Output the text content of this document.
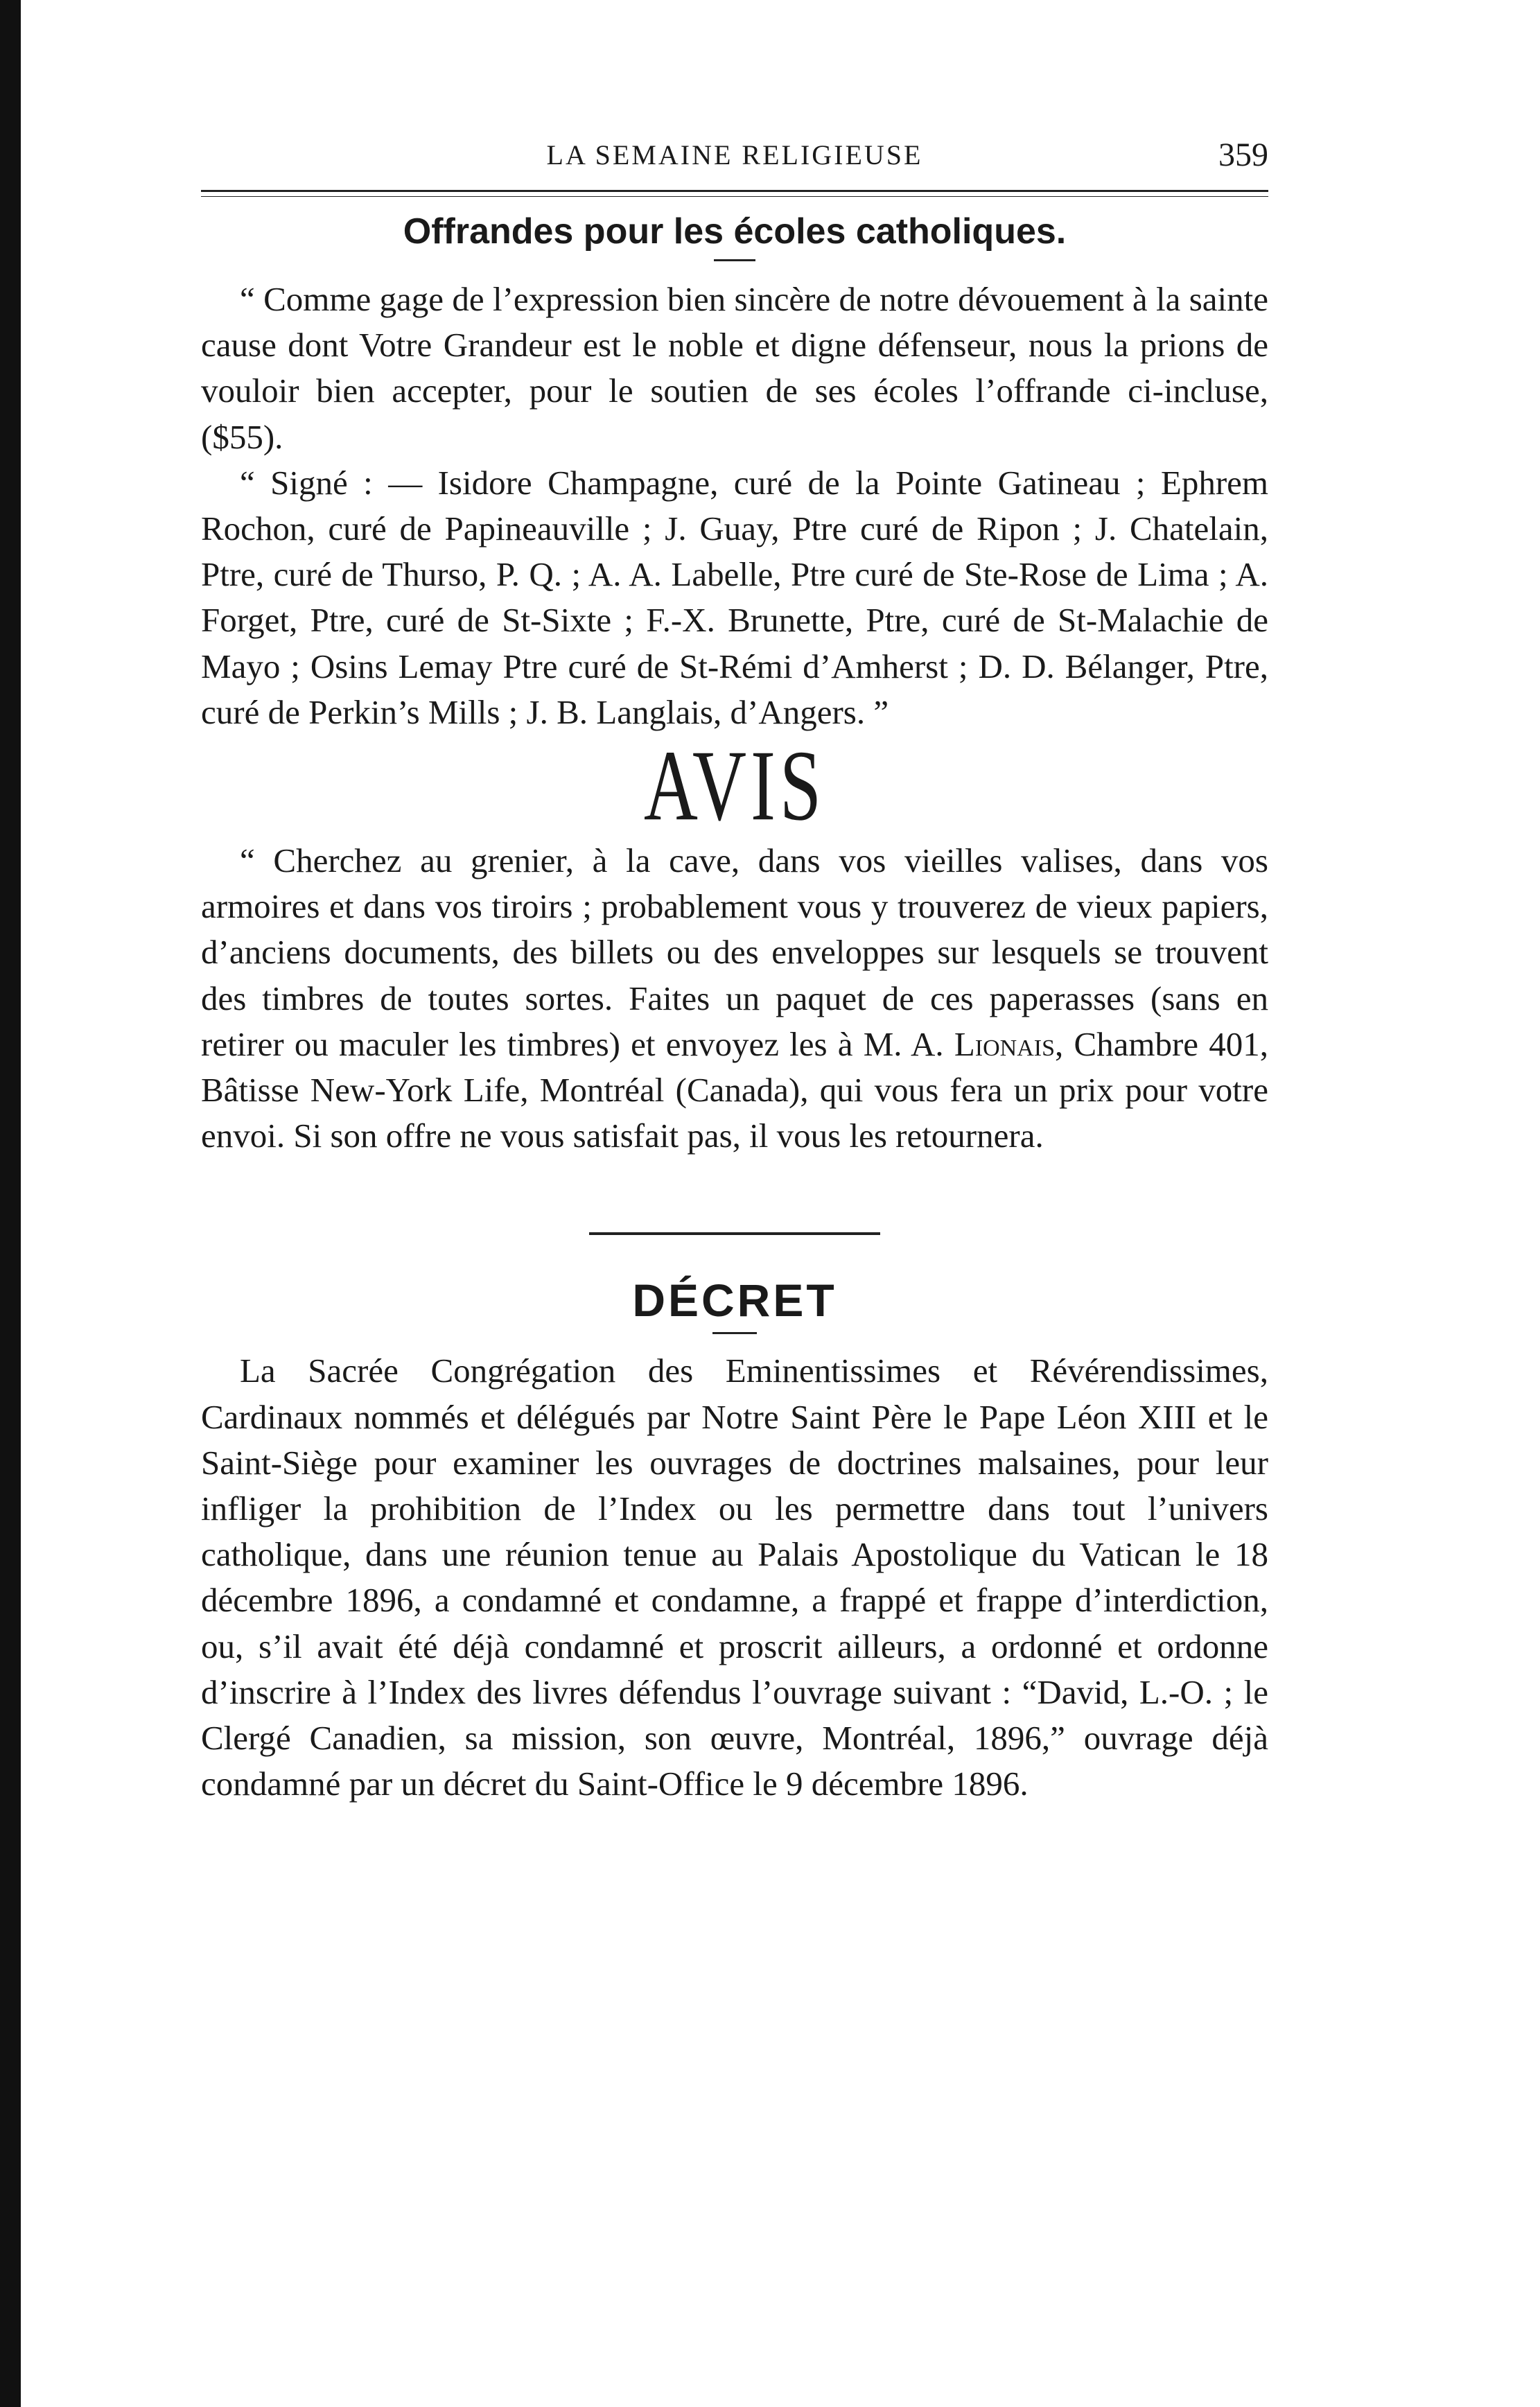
LA SEMAINE RELIGIEUSE	359
Offrandes pour les écoles catholiques.

“ Comme gage de l’expression bien sincère de notre dévouement à la sainte cause dont Votre Grandeur est le noble et digne défenseur, nous la prions de vouloir bien accepter, pour le soutien de ses écoles l’offrande ci-incluse, ($55).

“ Signé : — Isidore Champagne, curé de la Pointe Gatineau ; Ephrem Rochon, curé de Papineauville ; J. Guay, Ptre curé de Ripon ; J. Chatelain, Ptre, curé de Thurso, P. Q. ; A. A. Labelle, Ptre curé de Ste-Rose de Lima ; A. Forget, Ptre, curé de St-Sixte ; F.-X. Brunette, Ptre, curé de St-Malachie de Mayo ; Osins Lemay Ptre curé de St-Rémi d’Amherst ; D. D. Bélanger, Ptre, curé de Perkin’s Mills ; J. B. Langlais, d’Angers. ”

AVIS

“ Cherchez au grenier, à la cave, dans vos vieilles valises, dans vos armoires et dans vos tiroirs ; probablement vous y trouverez de vieux papiers, d’anciens documents, des billets ou des enveloppes sur lesquels se trouvent des timbres de toutes sortes. Faites un paquet de ces paperasses (sans en retirer ou maculer les timbres) et envoyez les à M. A. Lionais, Chambre 401, Bâtisse New-York Life, Montréal (Canada), qui vous fera un prix pour votre envoi. Si son offre ne vous satisfait pas, il vous les retournera.

DÉCRET

La Sacrée Congrégation des Eminentissimes et Révérendissimes, Cardinaux nommés et délégués par Notre Saint Père le Pape Léon XIII et le Saint-Siège pour examiner les ouvrages de doctrines malsaines, pour leur infliger la prohibition de l’Index ou les permettre dans tout l’univers catholique, dans une réunion tenue au Palais Apostolique du Vatican le 18 décembre 1896, a condamné et condamne, a frappé et frappe d’interdiction, ou, s’il avait été déjà condamné et proscrit ailleurs, a ordonné et ordonne d’inscrire à l’Index des livres défendus l’ouvrage suivant : “David, L.-O. ; le Clergé Canadien, sa mission, son œuvre, Montréal, 1896,” ouvrage déjà condamné par un décret du Saint-Office le 9 décembre 1896.
